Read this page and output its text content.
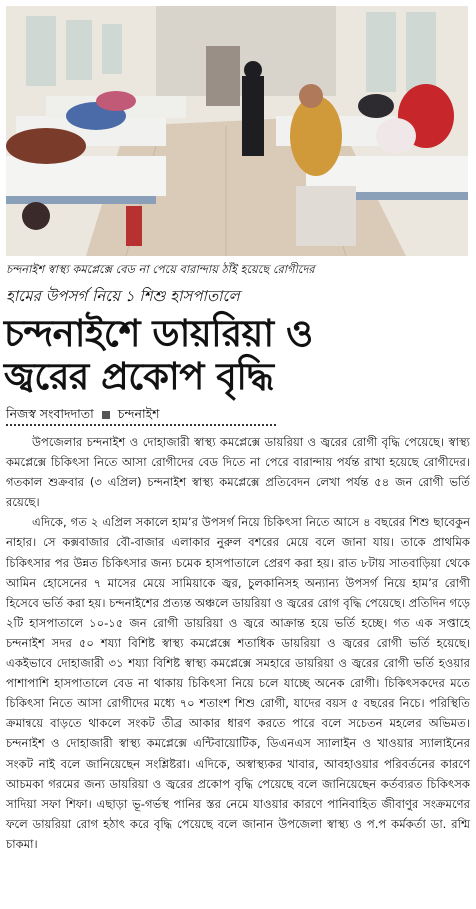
চন্দনাইশ স্বাস্থ্য কমপ্লেক্সে বেড না পেয়ে বারান্দায় ঠাঁই হয়েছে রোগীদের
হামের উপসর্গ নিয়ে ১ শিশু হাসপাতালে
চন্দনাইশে ডায়রিয়া ও
জ্বরের প্রকোপ বৃদ্ধি
নিজস্ব সংবাদদাতা চন্দনাইশ

উপজেলার চন্দনাইশ ও দোহাজারী স্বাস্থ্য কমপ্লেক্সে ডায়রিয়া ও জ্বরের রোগী বৃদ্ধি পেয়েছে। স্বাস্থ্য কমপ্লেক্সে চিকিৎসা নিতে আসা রোগীদের বেড দিতে না পেরে বারান্দায় পর্যন্ত রাখা হয়েছে রোগীদের। গতকাল শুক্রবার (৩ এপ্রিল) চন্দনাইশ স্বাস্থ্য কমপ্লেক্সে প্রতিবেদন লেখা পর্যন্ত ৫৪ জন রোগী ভর্তি রয়েছে।

এদিকে, গত ২ এপ্রিল সকালে হাম’র উপসর্গ নিয়ে চিকিৎসা নিতে আসে ৪ বছরের শিশু ছাবেকুন নাহার। সে কক্সবাজার বৌ-বাজার এলাকার নুরুল বশরের মেয়ে বলে জানা যায়। তাকে প্রাথমিক চিকিৎসার পর উন্নত চিকিৎসার জন্য চমেক হাসপাতালে প্রেরণ করা হয়। রাত ৮টায় সাতবাড়িয়া থেকে আমিন হোসেনের ৭ মাসের মেয়ে সামিয়াকে জ্বর, চুলকানিসহ অন্যান্য উপসর্গ নিয়ে হাম’র রোগী হিসেবে ভর্তি করা হয়। চন্দনাইশের প্রত্যন্ত অঞ্চলে ডায়রিয়া ও জ্বরের রোগ বৃদ্ধি পেয়েছে। প্রতিদিন গড়ে ২টি হাসপাতালে ১০-১৫ জন রোগী ডায়রিয়া ও জ্বরে আক্রান্ত হয়ে ভর্তি হচ্ছে। গত এক সপ্তাহে চন্দনাইশ সদর ৫০ শয্যা বিশিষ্ট স্বাস্থ্য কমপ্লেক্সে শতাধিক ডায়রিয়া ও জ্বরের রোগী ভর্তি হয়েছে। একইভাবে দোহাজারী ৩১ শয্যা বিশিষ্ট স্বাস্থ্য কমপ্লেক্সে সমহারে ডায়রিয়া ও জ্বরের রোগী ভর্তি হওয়ার পাশাপাশি হাসপাতালে বেড না থাকায় চিকিৎসা নিয়ে চলে যাচ্ছে অনেক রোগী। চিকিৎসকদের মতে চিকিৎসা নিতে আসা রোগীদের মধ্যে ৭০ শতাংশ শিশু রোগী, যাদের বয়স ৫ বছরের নিচে। পরিস্থিতি ক্রমান্বয়ে বাড়তে থাকলে সংকট তীব্র আকার ধারণ করতে পারে বলে সচেতন মহলের অভিমত। চন্দনাইশ ও দোহাজারী স্বাস্থ্য কমপ্লেক্সে এন্টিবায়োটিক, ডিএনএস স্যালাইন ও খাওয়ার স্যালাইনের সংকট নাই বলে জানিয়েছেন সংশ্লিষ্টরা। এদিকে, অস্বাস্থ্যকর খাবার, আবহাওয়ার পরিবর্তনের কারণে আচমকা গরমের জন্য ডায়রিয়া ও জ্বরের প্রকোপ বৃদ্ধি পেয়েছে বলে জানিয়েছেন কর্তব্যরত চিকিৎসক সাদিয়া সফা শিফা। এছাড়া ভূ-গর্ভস্থ পানির স্তর নেমে যাওয়ার কারণে পানিবাহিত জীবাণুর সংক্রমণের ফলে ডায়রিয়া রোগ হঠাৎ করে বৃদ্ধি পেয়েছে বলে জানান উপজেলা স্বাস্থ্য ও প.প কর্মকর্তা ডা. রশ্মি চাকমা।
